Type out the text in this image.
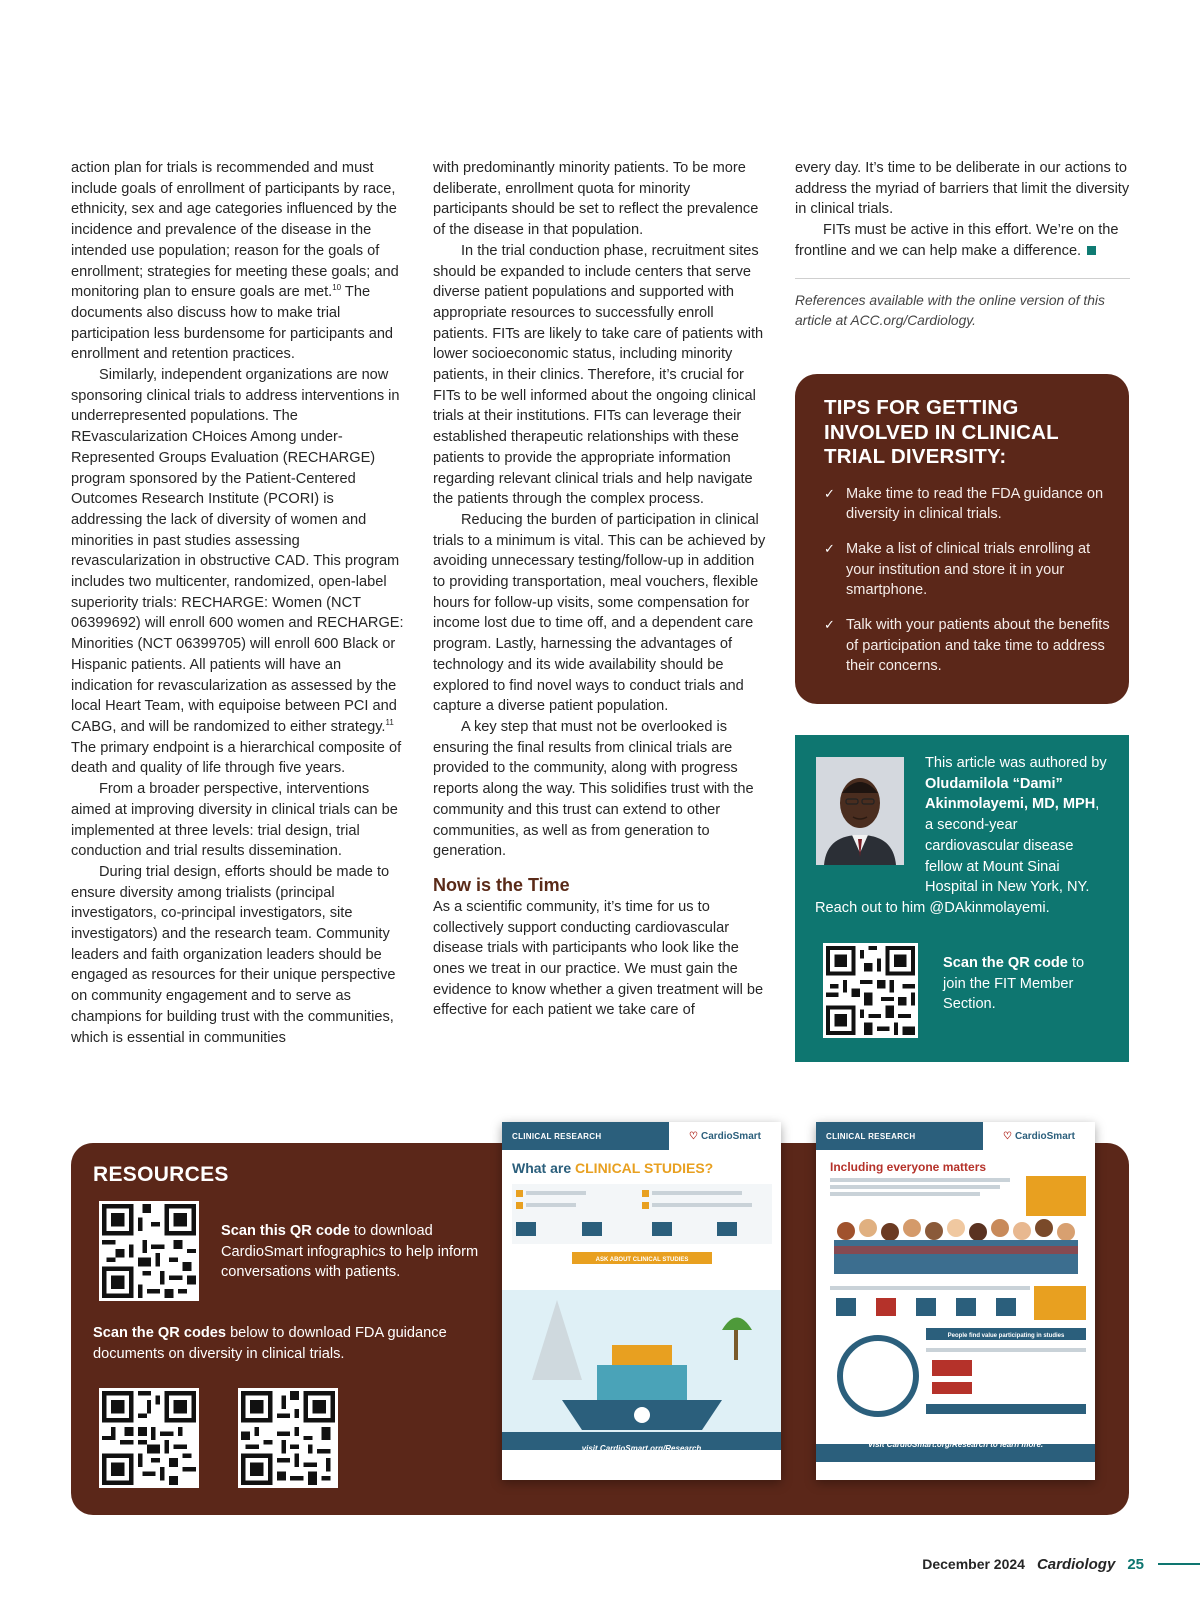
action plan for trials is recommended and must include goals of enrollment of participants by race, ethnicity, sex and age categories influenced by the incidence and prevalence of the disease in the intended use population; reason for the goals of enrollment; strategies for meeting these goals; and monitoring plan to ensure goals are met.$^{10}$ The documents also discuss how to make trial participation less burdensome for participants and enrollment and retention practices.

Similarly, independent organizations are now sponsoring clinical trials to address interventions in underrepresented populations. The REvascularization CHoices Among under-Represented Groups Evaluation (RECHARGE) program sponsored by the Patient-Centered Outcomes Research Institute (PCORI) is addressing the lack of diversity of women and minorities in past studies assessing revascularization in obstructive CAD. This program includes two multicenter, randomized, open-label superiority trials: RECHARGE: Women (NCT 06399692) will enroll 600 women and RECHARGE: Minorities (NCT 06399705) will enroll 600 Black or Hispanic patients. All patients will have an indication for revascularization as assessed by the local Heart Team, with equipoise between PCI and CABG, and will be randomized to either strategy.$^{11}$ The primary endpoint is a hierarchical composite of death and quality of life through five years.

From a broader perspective, interventions aimed at improving diversity in clinical trials can be implemented at three levels: trial design, trial conduction and trial results dissemination.

During trial design, efforts should be made to ensure diversity among trialists (principal investigators, co-principal investigators, site investigators) and the research team. Community leaders and faith organization leaders should be engaged as resources for their unique perspective on community engagement and to serve as champions for building trust with the communities, which is essential in communities

with predominantly minority patients. To be more deliberate, enrollment quota for minority participants should be set to reflect the prevalence of the disease in that population.

In the trial conduction phase, recruitment sites should be expanded to include centers that serve diverse patient populations and supported with appropriate resources to successfully enroll patients. FITs are likely to take care of patients with lower socioeconomic status, including minority patients, in their clinics. Therefore, it’s crucial for FITs to be well informed about the ongoing clinical trials at their institutions. FITs can leverage their established therapeutic relationships with these patients to provide the appropriate information regarding relevant clinical trials and help navigate the patients through the complex process.

Reducing the burden of participation in clinical trials to a minimum is vital. This can be achieved by avoiding unnecessary testing/follow-up in addition to providing transportation, meal vouchers, flexible hours for follow-up visits, some compensation for income lost due to time off, and a dependent care program. Lastly, harnessing the advantages of technology and its wide availability should be explored to find novel ways to conduct trials and capture a diverse patient population.

A key step that must not be overlooked is ensuring the final results from clinical trials are provided to the community, along with progress reports along the way. This solidifies trust with the community and this trust can extend to other communities, as well as from generation to generation.

Now is the Time

As a scientific community, it’s time for us to collectively support conducting cardiovascular disease trials with participants who look like the ones we treat in our practice. We must gain the evidence to know whether a given treatment will be effective for each patient we take care of

every day. It’s time to be deliberate in our actions to address the myriad of barriers that limit the diversity in clinical trials.

FITs must be active in this effort. We’re on the frontline and we can help make a difference.

References available with the online version of this article at ACC.org/Cardiology.

TIPS FOR GETTING INVOLVED IN CLINICAL TRIAL DIVERSITY:
✓ Make time to read the FDA guidance on diversity in clinical trials.
✓ Make a list of clinical trials enrolling at your institution and store it in your smartphone.
✓ Talk with your patients about the benefits of participation and take time to address their concerns.
This article was authored by Oludamilola “Dami” Akinmolayemi, MD, MPH, a second-year cardiovascular disease fellow at Mount Sinai Hospital in New York, NY. Reach out to him @DAkinmolayemi.
Scan the QR code to join the FIT Member Section.
RESOURCES
Scan this QR code to download CardioSmart infographics to help inform conversations with patients.
Scan the QR codes below to download FDA guidance documents on diversity in clinical trials.
CLINICAL RESEARCH	♡ CardioSmart
What are CLINICAL STUDIES?
ASK ABOUT CLINICAL STUDIES
visit CardioSmart.org/Research
CLINICAL RESEARCH	♡ CardioSmart
Including everyone matters
People find value participating in studies
Visit CardioSmart.org/Research to learn more.
December 2024 Cardiology 25
